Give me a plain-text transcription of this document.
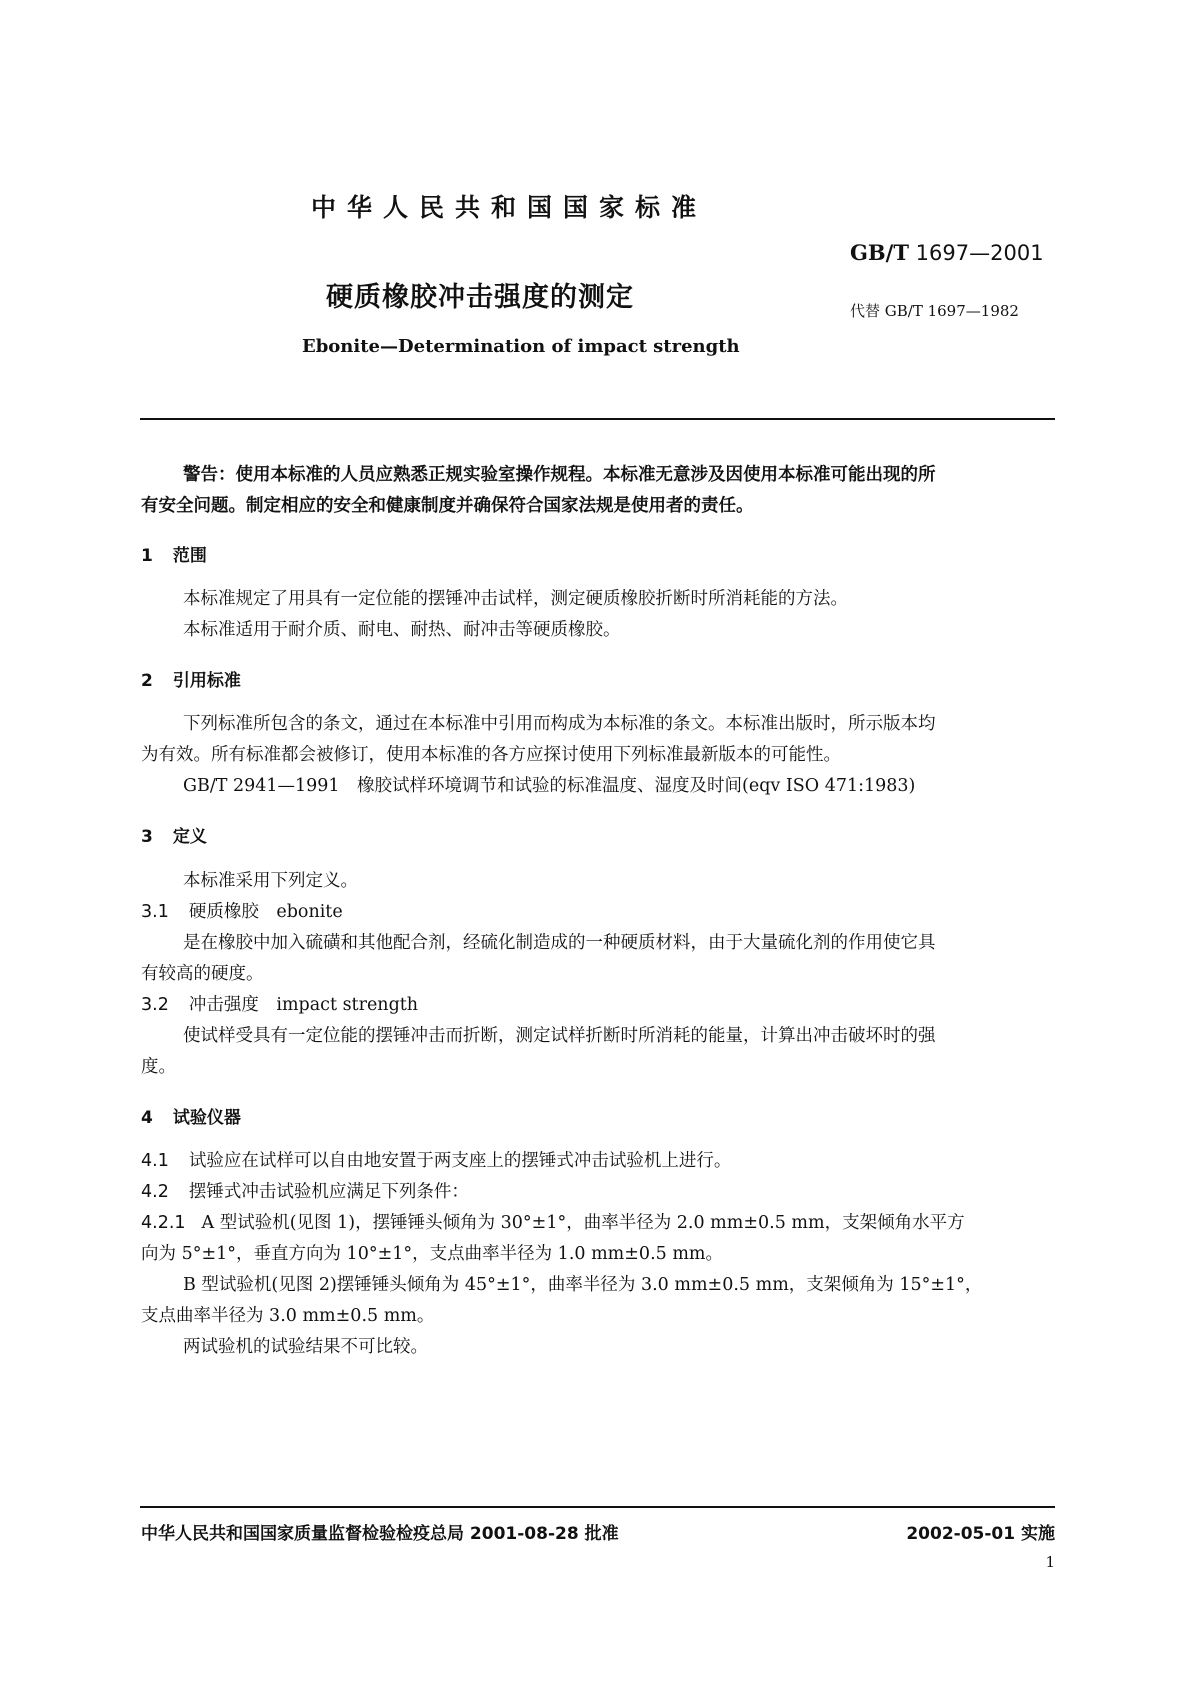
中华人民共和国国家标准
GB/T 1697—2001
硬质橡胶冲击强度的测定	代替 GB/T 1697—1982
Ebonite—Determination of impact strength
警告：使用本标准的人员应熟悉正规实验室操作规程。本标准无意涉及因使用本标准可能出现的所
有安全问题。制定相应的安全和健康制度并确保符合国家法规是使用者的责任。
1 范围
本标准规定了用具有一定位能的摆锤冲击试样，测定硬质橡胶折断时所消耗能的方法。
本标准适用于耐介质、耐电、耐热、耐冲击等硬质橡胶。
2 引用标准
下列标准所包含的条文，通过在本标准中引用而构成为本标准的条文。本标准出版时，所示版本均
为有效。所有标准都会被修订，使用本标准的各方应探讨使用下列标准最新版本的可能性。
GB/T 2941—1991　橡胶试样环境调节和试验的标准温度、湿度及时间(eqv ISO 471:1983)
3 定义
本标准采用下列定义。
3.1 硬质橡胶　ebonite
是在橡胶中加入硫磺和其他配合剂，经硫化制造成的一种硬质材料，由于大量硫化剂的作用使它具
有较高的硬度。
3.2 冲击强度　impact strength
使试样受具有一定位能的摆锤冲击而折断，测定试样折断时所消耗的能量，计算出冲击破坏时的强
度。
4 试验仪器
4.1 试验应在试样可以自由地安置于两支座上的摆锤式冲击试验机上进行。
4.2 摆锤式冲击试验机应满足下列条件：
4.2.1 A 型试验机(见图 1)，摆锤锤头倾角为 30°±1°，曲率半径为 2.0 mm±0.5 mm，支架倾角水平方
向为 5°±1°，垂直方向为 10°±1°，支点曲率半径为 1.0 mm±0.5 mm。
B 型试验机(见图 2)摆锤锤头倾角为 45°±1°，曲率半径为 3.0 mm±0.5 mm，支架倾角为 15°±1°，
支点曲率半径为 3.0 mm±0.5 mm。
两试验机的试验结果不可比较。
中华人民共和国国家质量监督检验检疫总局 2001-08-28 批准	2002-05-01 实施
1
